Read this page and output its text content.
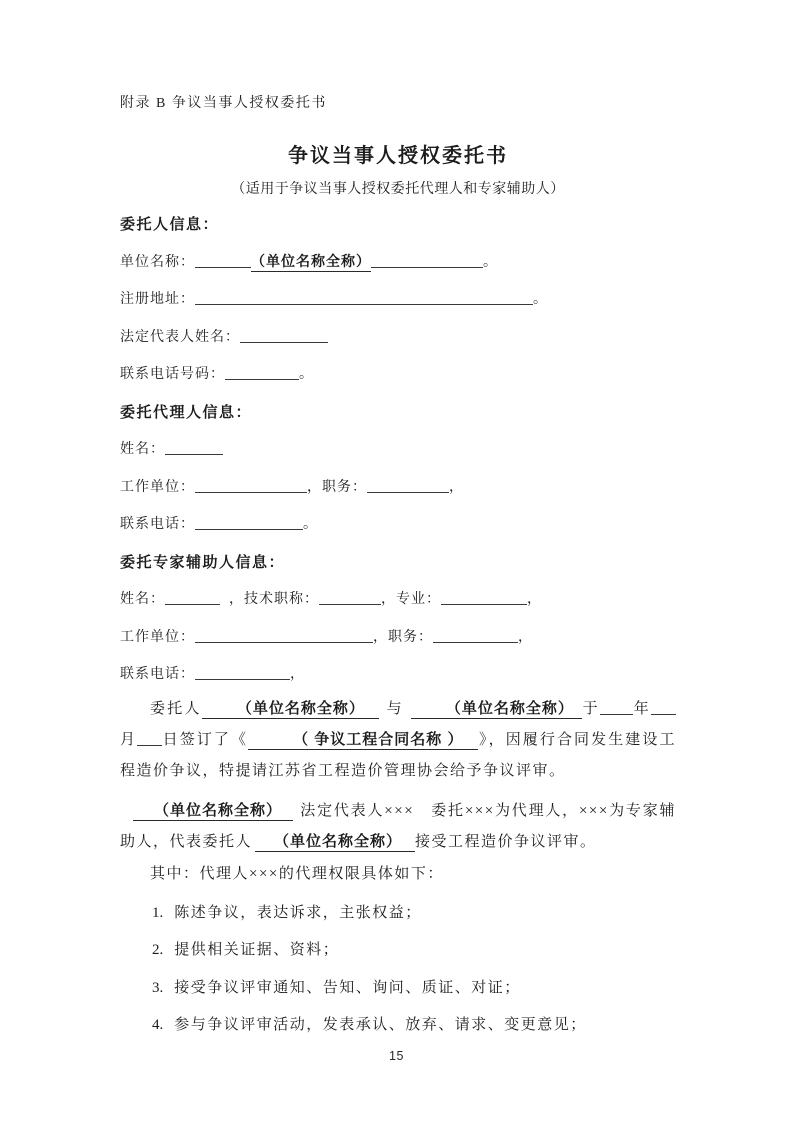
附录 B 争议当事人授权委托书
争议当事人授权委托书
（适用于争议当事人授权委托代理人和专家辅助人）
委托人信息：
单位名称：	（单位名称全称）	。
注册地址：	。
法定代表人姓名：
联系电话号码：	。
委托代理人信息：
姓名：
工作单位：	，职务：	，
联系电话：	。
委托专家辅助人信息：
姓名：	，技术职称：	，专业：	，
工作单位：	，职务：	，
联系电话：	，
委托人 （单位名称全称） 与	（单位名称全称） 于 年月 日签订了《	（ 争议工程合同名称 ） 》，因履行合同发生建设工程造价争议，特提请江苏省工程造价管理协会给予争议评审。
（单位名称全称） 法定代表人×××　委托×××为代理人，×××为专家辅助人，代表委托人 （单位名称全称） 接受工程造价争议评审。
其中：代理人×××的代理权限具体如下：
1. 陈述争议，表达诉求，主张权益；
2. 提供相关证据、资料；
3. 接受争议评审通知、告知、询问、质证、对证；
4. 参与争议评审活动，发表承认、放弃、请求、变更意见；
15
